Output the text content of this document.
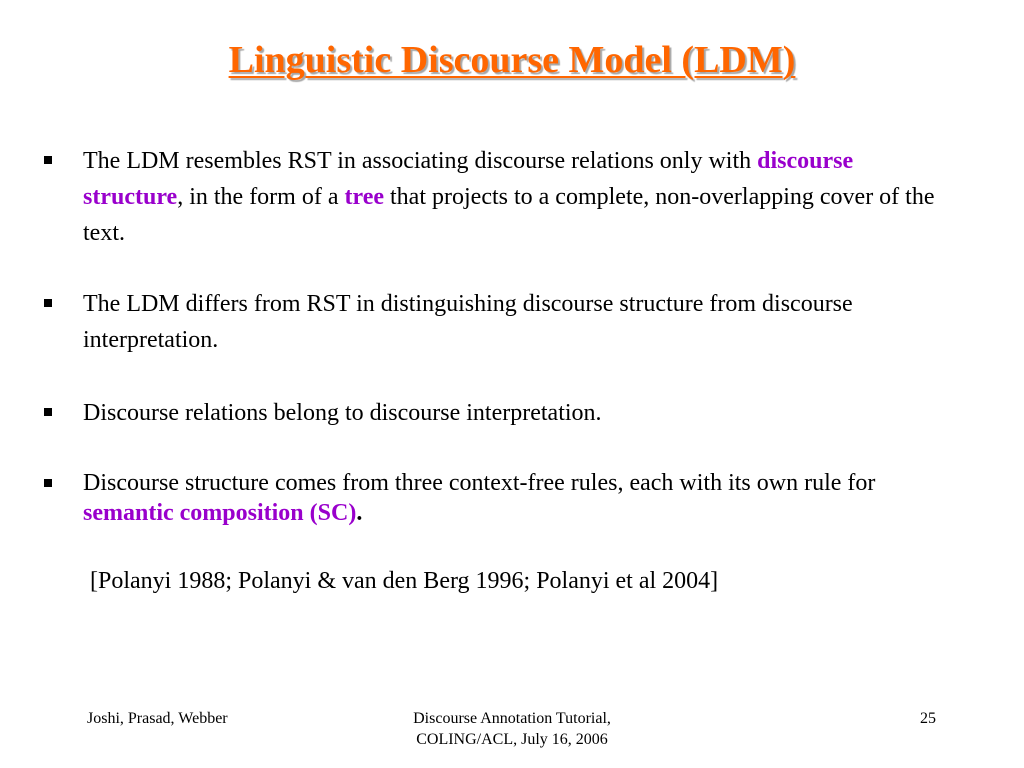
Linguistic Discourse Model (LDM)
The LDM resembles RST in associating discourse relations only with discourse structure, in the form of a tree that projects to a complete, non-overlapping cover of the text.
The LDM differs from RST in distinguishing discourse structure from discourse interpretation.
Discourse relations belong to discourse interpretation.
Discourse structure comes from three context-free rules, each with its own rule for semantic composition (SC).
[Polanyi 1988; Polanyi & van den Berg 1996; Polanyi et al 2004]
Joshi, Prasad, Webber	Discourse Annotation Tutorial,
COLING/ACL, July 16, 2006
25
